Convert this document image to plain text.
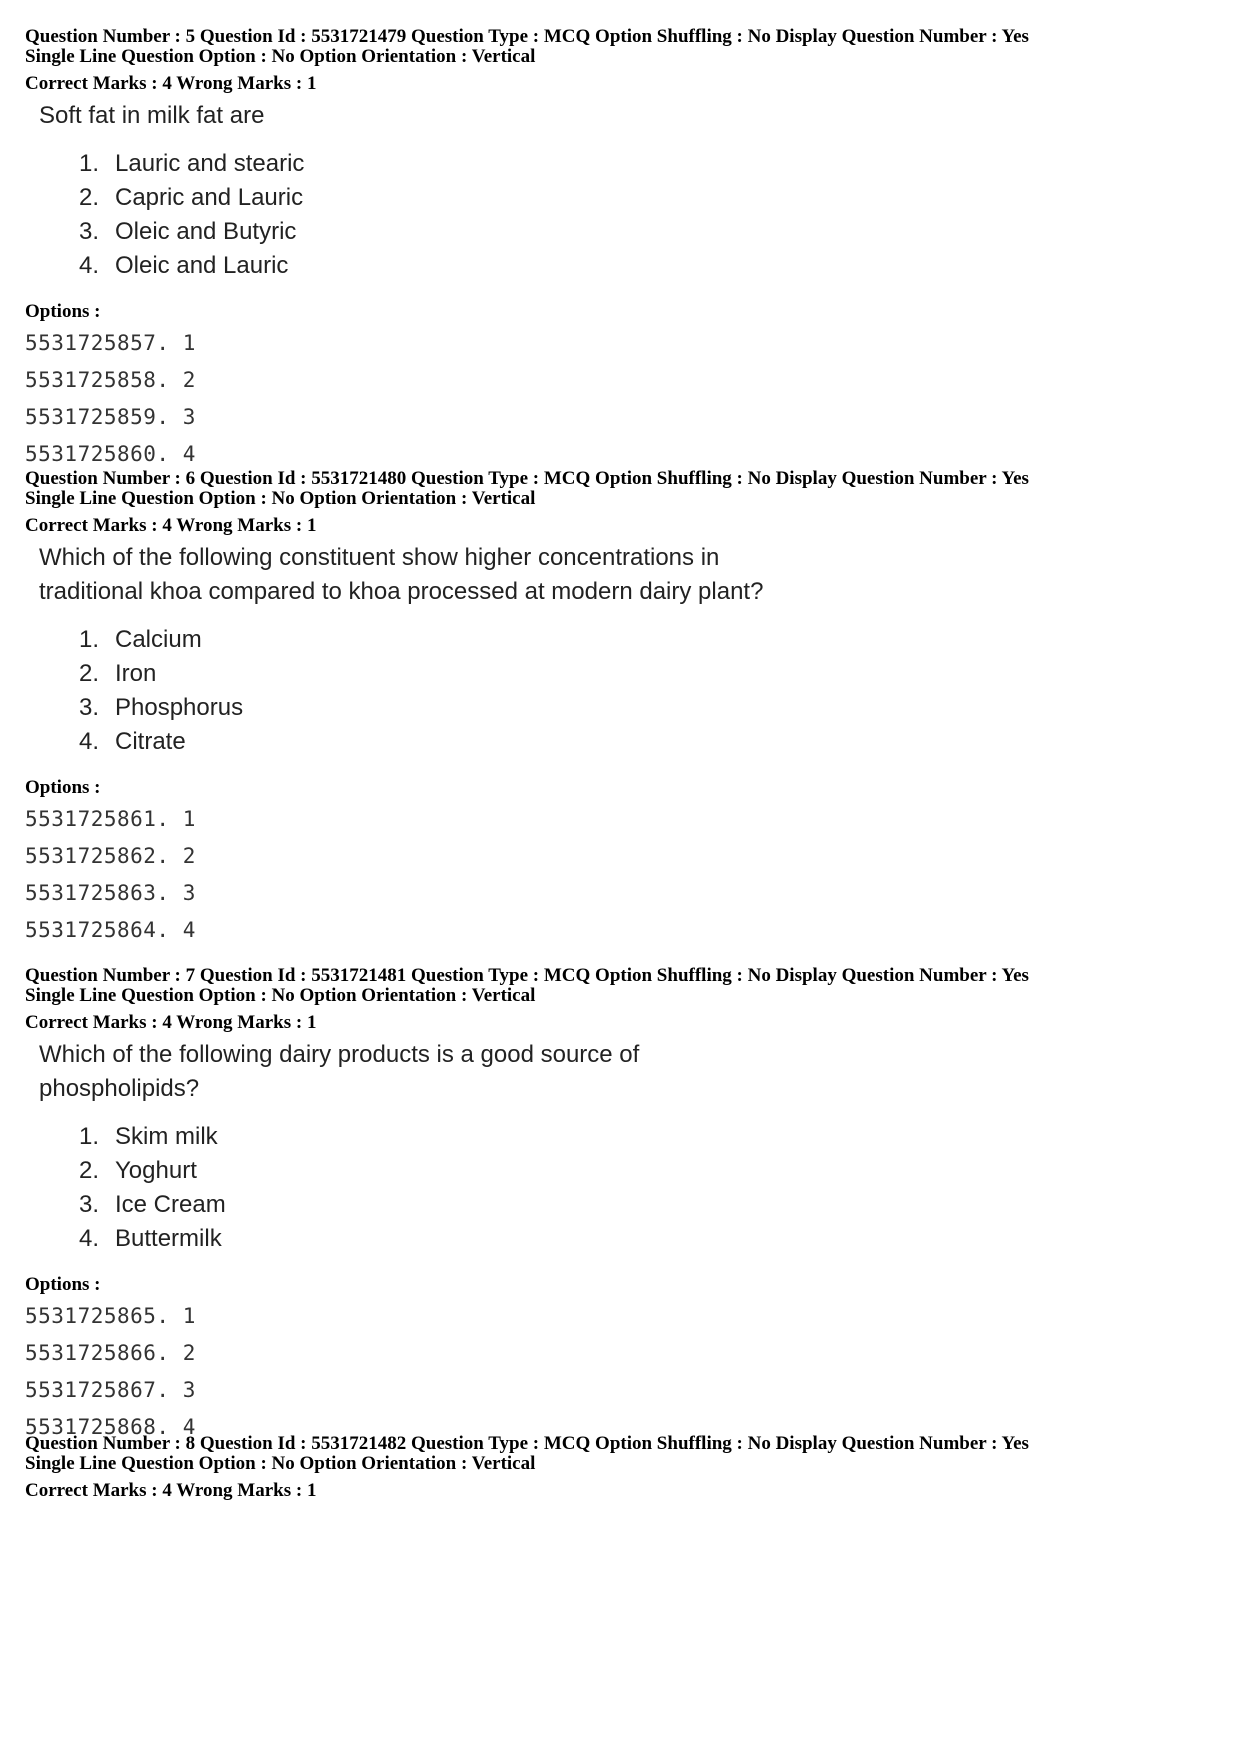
Question Number : 5 Question Id : 5531721479 Question Type : MCQ Option Shuffling : No Display Question Number : Yes
Single Line Question Option : No Option Orientation : Vertical
Correct Marks : 4 Wrong Marks : 1
Soft fat in milk fat are
1. Lauric and stearic
2. Capric and Lauric
3. Oleic and Butyric
4. Oleic and Lauric
Options :
5531725857. 1
5531725858. 2
5531725859. 3
5531725860. 4
Question Number : 6 Question Id : 5531721480 Question Type : MCQ Option Shuffling : No Display Question Number : Yes
Single Line Question Option : No Option Orientation : Vertical
Correct Marks : 4 Wrong Marks : 1
Which of the following constituent show higher concentrations in traditional khoa compared to khoa processed at modern dairy plant?
1. Calcium
2. Iron
3. Phosphorus
4. Citrate
Options :
5531725861. 1
5531725862. 2
5531725863. 3
5531725864. 4
Question Number : 7 Question Id : 5531721481 Question Type : MCQ Option Shuffling : No Display Question Number : Yes
Single Line Question Option : No Option Orientation : Vertical
Correct Marks : 4 Wrong Marks : 1
Which of the following dairy products is a good source of phospholipids?
1. Skim milk
2. Yoghurt
3. Ice Cream
4. Buttermilk
Options :
5531725865. 1
5531725866. 2
5531725867. 3
5531725868. 4
Question Number : 8 Question Id : 5531721482 Question Type : MCQ Option Shuffling : No Display Question Number : Yes
Single Line Question Option : No Option Orientation : Vertical
Correct Marks : 4 Wrong Marks : 1
